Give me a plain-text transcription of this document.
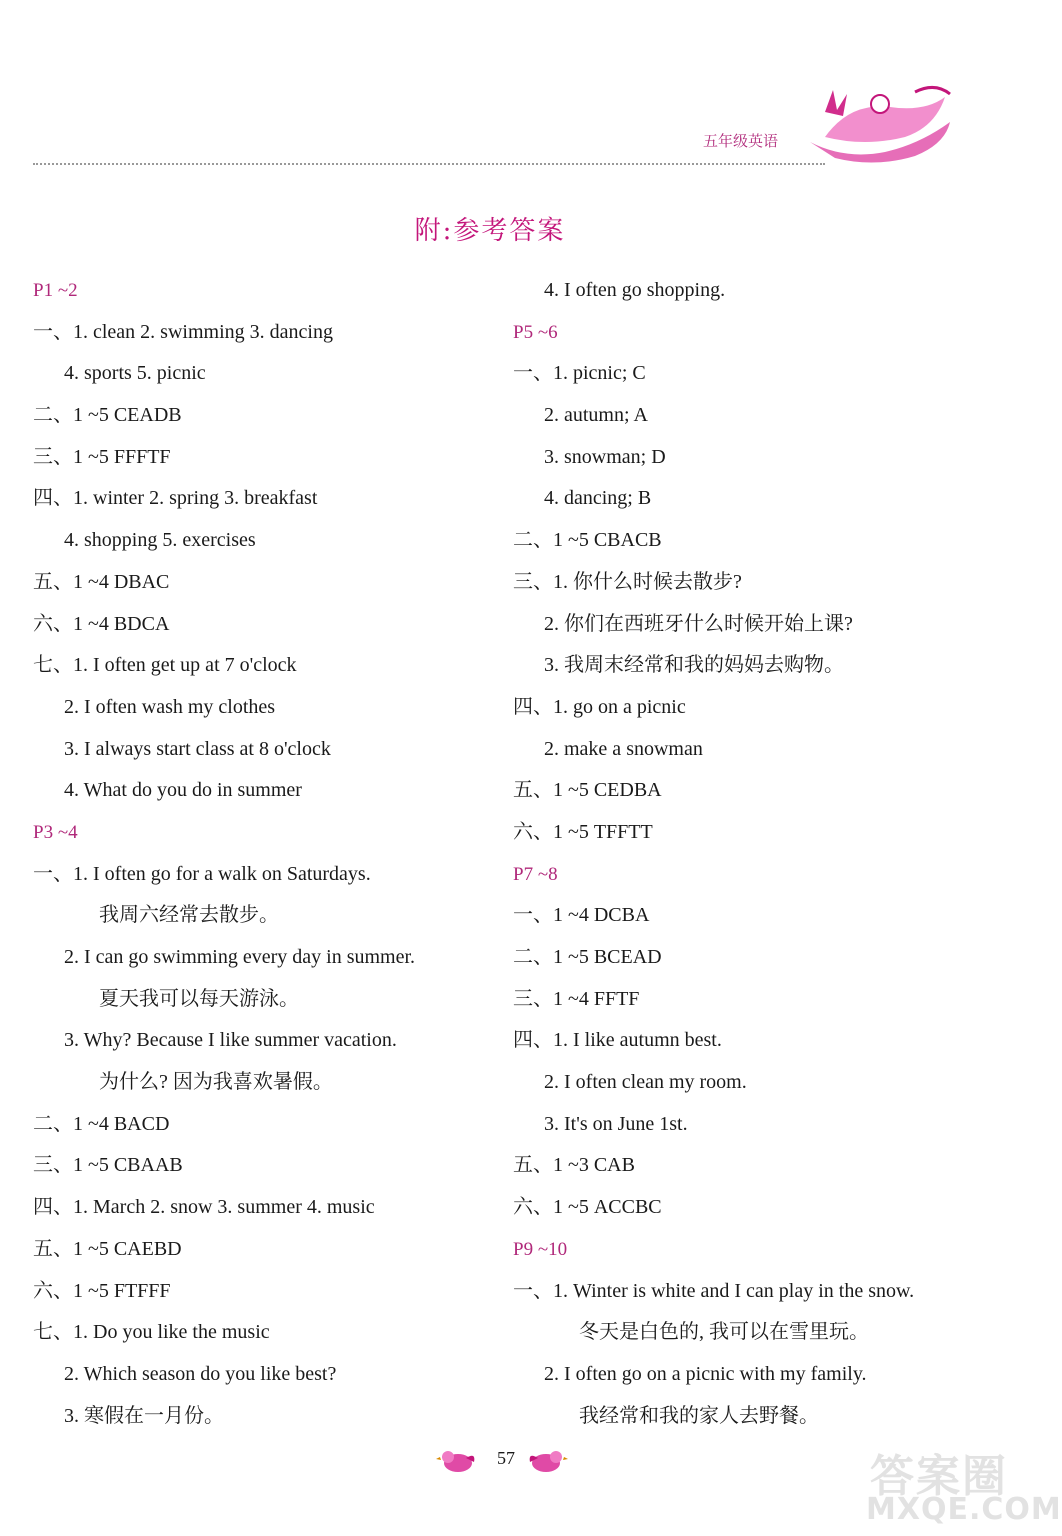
五年级英语
附:参考答案
P1 ~2
一、1. clean 2. swimming 3. dancing
4. sports 5. picnic
二、1 ~5 CEADB
三、1 ~5 FFFTF
四、1. winter 2. spring 3. breakfast
4. shopping 5. exercises
五、1 ~4 DBAC
六、1 ~4 BDCA
七、1. I often get up at 7 o'clock
2. I often wash my clothes
3. I always start class at 8 o'clock
4. What do you do in summer
P3 ~4
一、1. I often go for a walk on Saturdays.
我周六经常去散步。
2. I can go swimming every day in summer.
夏天我可以每天游泳。
3. Why? Because I like summer vacation.
为什么? 因为我喜欢暑假。
二、1 ~4 BACD
三、1 ~5 CBAAB
四、1. March 2. snow 3. summer 4. music
五、1 ~5 CAEBD
六、1 ~5 FTFFF
七、1. Do you like the music
2. Which season do you like best?
3. 寒假在一月份。
4. I often go shopping.
P5 ~6
一、1. picnic; C
2. autumn; A
3. snowman; D
4. dancing; B
二、1 ~5 CBACB
三、1. 你什么时候去散步?
2. 你们在西班牙什么时候开始上课?
3. 我周末经常和我的妈妈去购物。
四、1. go on a picnic
2. make a snowman
五、1 ~5 CEDBA
六、1 ~5 TFFTT
P7 ~8
一、1 ~4 DCBA
二、1 ~5 BCEAD
三、1 ~4 FFTF
四、1. I like autumn best.
2. I often clean my room.
3. It's on June 1st.
五、1 ~3 CAB
六、1 ~5 ACCBC
P9 ~10
一、1. Winter is white and I can play in the snow.
冬天是白色的, 我可以在雪里玩。
2. I often go on a picnic with my family.
我经常和我的家人去野餐。
57	答案圈
MXQE.COM
